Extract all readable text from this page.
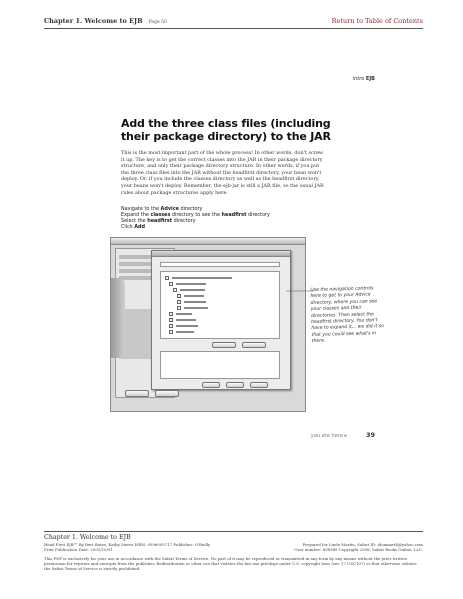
Chapter 1. Welcome to EJB Page 50	Return to Table of Contents
intro EJB
Add the three class files (including their package directory) to the JAR
This is the most important part of the whole process! In other words, don't screw it up. The key is to get the correct classes into the JAR in their package directory structure, and only their package directory structure. In other words, if you put the three class files into the JAR without the headfirst directory, your bean won't deploy. Or, if you include the classes directory as well as the headfirst directory, your beans won't deploy. Remember, the ejb-jar is still a JAR file, so the usual JAR rules about package structures apply here.
Navigate to the Advice directory
Expand the classes directory to see the headfirst directory
Select the headfirst directory
Click Add
Use the navigation controls here to get to your Advice directory, where you can see your classes and their directories. Then select the headfirst directory. You don't have to expand it... we did it so that you could see what's in there.
you are here ▸	39
Chapter 1. Welcome to EJB
Head First EJB™ By Bert Bates, Kathy Sierra ISBN: 0596005717 Publisher: O'Reilly
Print Publication Date: 2003/10/01
Prepared for Linda Martin, Safari ID: dionmart4@yahoo.com
User number: 898989 Copyright 2008, Safari Books Online, LLC.
This PDF is exclusively for your use in accordance with the Safari Terms of Service. No part of it may be reproduced or transmitted in any form by any means without the prior written permission for reprints and excerpts from the publisher. Redistribution or other use that violates the fair use privilege under U.S. copyright laws (see 17 USC107) or that otherwise violates the Safari Terms of Service is strictly prohibited.
